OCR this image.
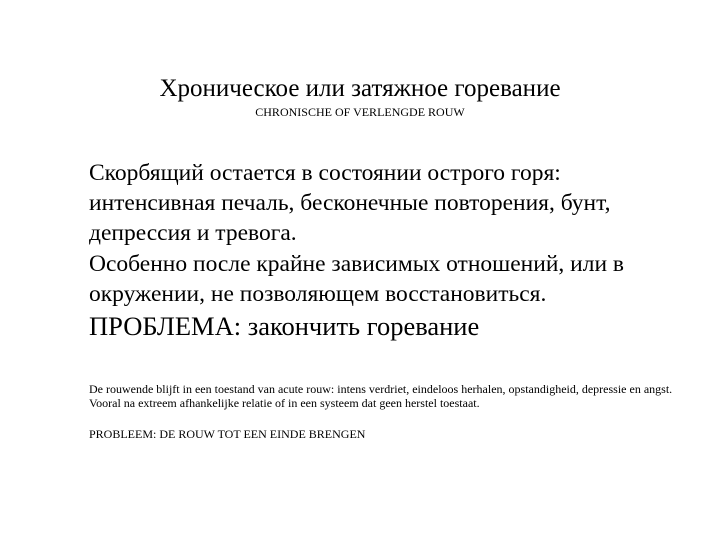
Хроническое или затяжное горевание
CHRONISCHE OF VERLENGDE ROUW

Скорбящий остается в состоянии острого горя: интенсивная печаль, бесконечные повторения, бунт, депрессия и тревога.

Особенно после крайне зависимых отношений, или в окружении, не позволяющем восстановиться.

ПРОБЛЕМА: закончить горевание

De rouwende blijft in een toestand van acute rouw: intens verdriet, eindeloos herhalen, opstandigheid, depressie en angst.

Vooral na extreem afhankelijke relatie of in een systeem dat geen herstel toestaat.

PROBLEEM: DE ROUW TOT EEN EINDE BRENGEN
